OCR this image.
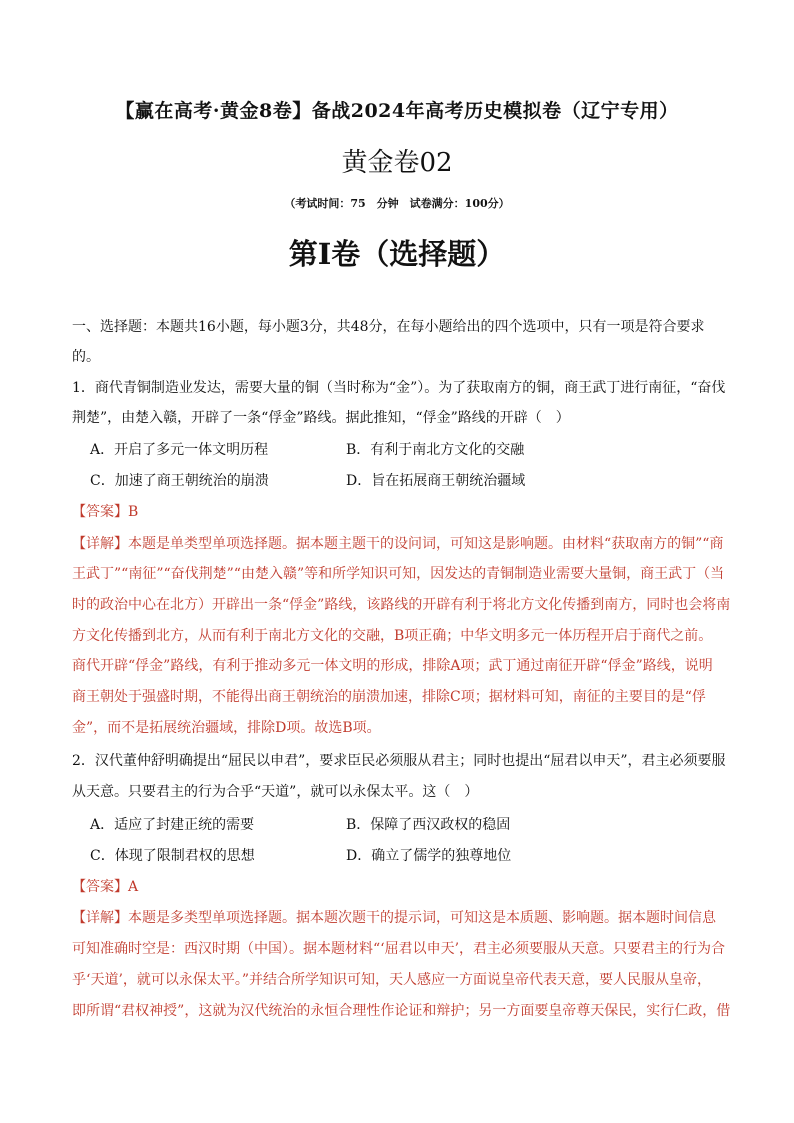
【赢在高考·黄金8卷】备战2024年高考历史模拟卷（辽宁专用）
黄金卷02
（考试时间：75　分钟　试卷满分：100分）
第I卷（选择题）
一、选择题：本题共16小题，每小题3分，共48分，在每小题给出的四个选项中，只有一项是符合要求
的。
1．商代青铜制造业发达，需要大量的铜（当时称为“金”）。为了获取南方的铜，商王武丁进行南征，“奋伐
荆楚”，由楚入赣，开辟了一条“俘金”路线。据此推知，“俘金”路线的开辟（　）
A．开启了多元一体文明历程	B．有利于南北方文化的交融
C．加速了商王朝统治的崩溃	D．旨在拓展商王朝统治疆域
【答案】B
【详解】本题是单类型单项选择题。据本题主题干的设问词，可知这是影响题。由材料“获取南方的铜”“商
王武丁”“南征”“奋伐荆楚”“由楚入赣”等和所学知识可知，因发达的青铜制造业需要大量铜，商王武丁（当
时的政治中心在北方）开辟出一条“俘金”路线，该路线的开辟有利于将北方文化传播到南方，同时也会将南
方文化传播到北方，从而有利于南北方文化的交融，B项正确；中华文明多元一体历程开启于商代之前。
商代开辟“俘金”路线，有利于推动多元一体文明的形成，排除A项；武丁通过南征开辟“俘金”路线，说明
商王朝处于强盛时期，不能得出商王朝统治的崩溃加速，排除C项；据材料可知，南征的主要目的是“俘
金”，而不是拓展统治疆域，排除D项。故选B项。
2．汉代董仲舒明确提出“屈民以申君”，要求臣民必须服从君主；同时也提出“屈君以申天”，君主必须要服
从天意。只要君主的行为合乎“天道”，就可以永保太平。这（　）
A．适应了封建正统的需要	B．保障了西汉政权的稳固
C．体现了限制君权的思想	D．确立了儒学的独尊地位
【答案】A
【详解】本题是多类型单项选择题。据本题次题干的提示词，可知这是本质题、影响题。据本题时间信息
可知准确时空是：西汉时期（中国）。据本题材料“‘屈君以申天’，君主必须要服从天意。只要君主的行为合
乎‘天道’，就可以永保太平。”并结合所学知识可知，天人感应一方面说皇帝代表天意，要人民服从皇帝，
即所谓“君权神授”，这就为汉代统治的永恒合理性作论证和辩护；另一方面要皇帝尊天保民，实行仁政，借
